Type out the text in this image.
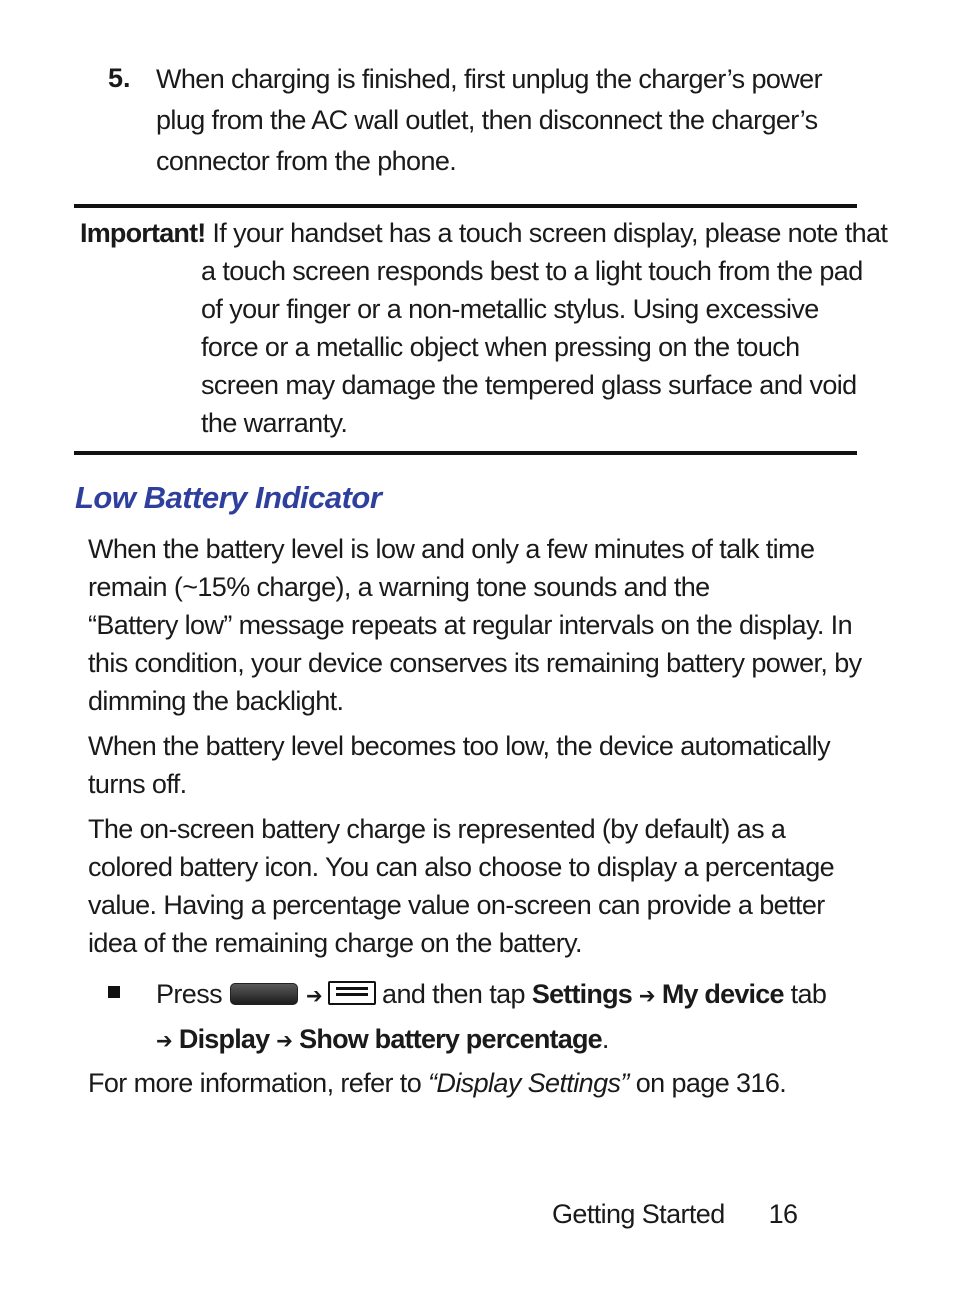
5. When charging is finished, first unplug the charger’s power
plug from the AC wall outlet, then disconnect the charger’s
connector from the phone.
Important! If your handset has a touch screen display, please note that
a touch screen responds best to a light touch from the pad
of your finger or a non-metallic stylus. Using excessive
force or a metallic object when pressing on the touch
screen may damage the tempered glass surface and void
the warranty.
Low Battery Indicator
When the battery level is low and only a few minutes of talk time
remain (~15% charge), a warning tone sounds and the
“Battery low” message repeats at regular intervals on the display. In
this condition, your device conserves its remaining battery power, by
dimming the backlight.
When the battery level becomes too low, the device automatically
turns off.
The on-screen battery charge is represented (by default) as a
colored battery icon. You can also choose to display a percentage
value. Having a percentage value on-screen can provide a better
idea of the remaining charge on the battery.
Press	➔ and then tap Settings ➔ My device tab
➔ Display ➔ Show battery percentage.
For more information, refer to “Display Settings” on page 316.
Getting Started 16
